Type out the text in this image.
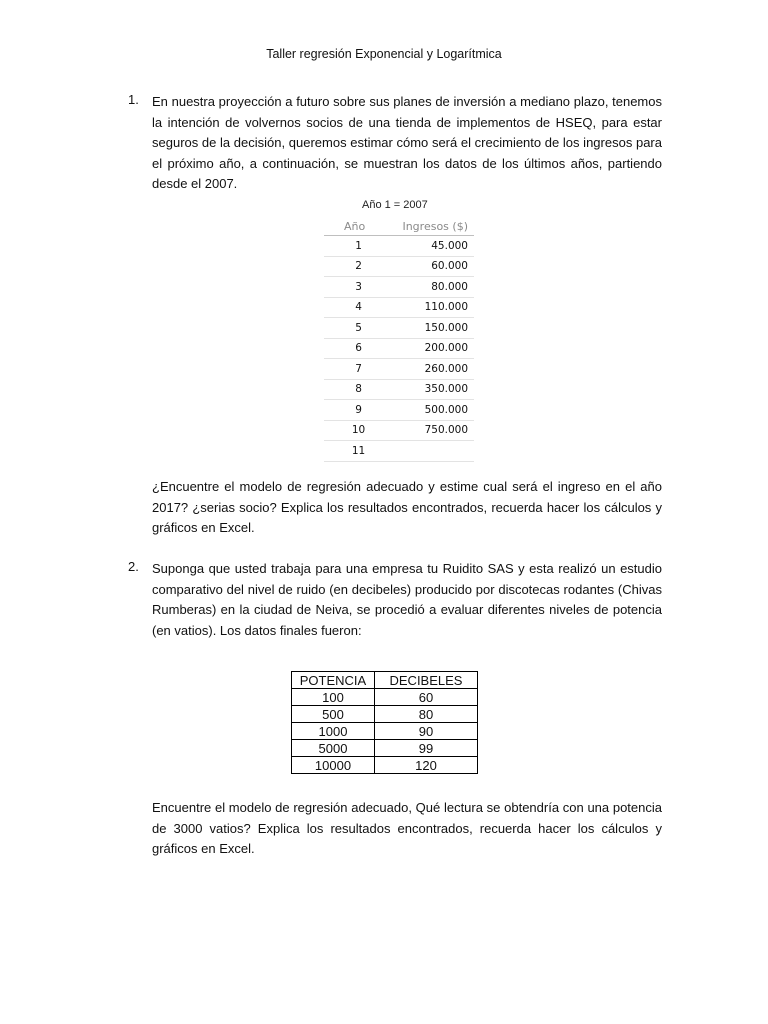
Taller regresión Exponencial y Logarítmica
1. En nuestra proyección a futuro sobre sus planes de inversión a mediano plazo, tenemos la intención de volvernos socios de una tienda de implementos de HSEQ, para estar seguros de la decisión, queremos estimar cómo será el crecimiento de los ingresos para el próximo año, a continuación, se muestran los datos de los últimos años, partiendo desde el 2007.

Año 1 = 2007
Año	Ingresos ($)
1	45.000
2	60.000
3	80.000
4	110.000
5	150.000
6	200.000
7	260.000
8	350.000
9	500.000
10	750.000
11	

¿Encuentre el modelo de regresión adecuado y estime cual será el ingreso en el año 2017? ¿serias socio? Explica los resultados encontrados, recuerda hacer los cálculos y gráficos en Excel.

2. Suponga que usted trabaja para una empresa tu Ruidito SAS y esta realizó un estudio comparativo del nivel de ruido (en decibeles) producido por discotecas rodantes (Chivas Rumberas) en la ciudad de Neiva, se procedió a evaluar diferentes niveles de potencia (en vatios). Los datos finales fueron:

POTENCIA	DECIBELES
100	60
500	80
1000	90
5000	99
10000	120

Encuentre el modelo de regresión adecuado, Qué lectura se obtendría con una potencia de 3000 vatios? Explica los resultados encontrados, recuerda hacer los cálculos y gráficos en Excel.
